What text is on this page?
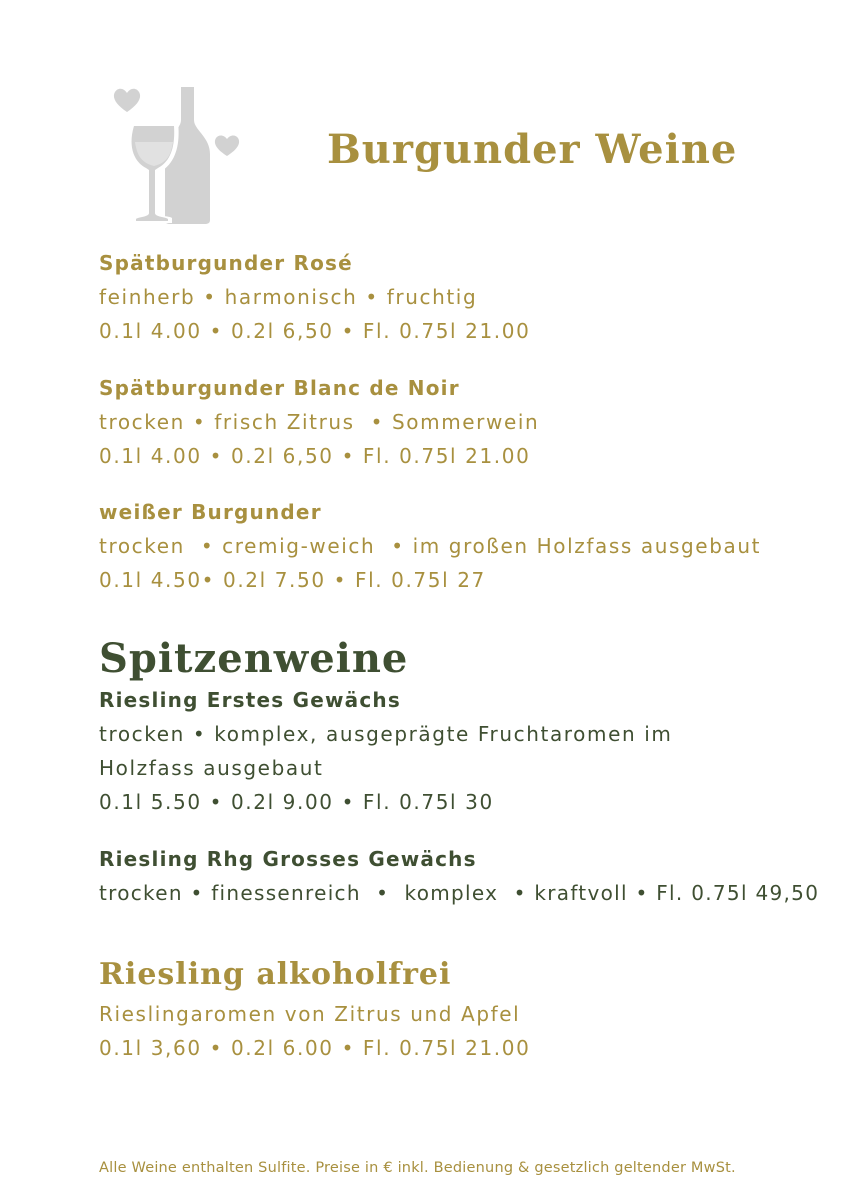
Burgunder Weine
Spätburgunder Rosé
feinherb • harmonisch • fruchtig
0.1l 4.00 • 0.2l 6,50 • Fl. 0.75l 21.00
Spätburgunder Blanc de Noir
trocken • frisch Zitrus  • Sommerwein
0.1l 4.00 • 0.2l 6,50 • Fl. 0.75l 21.00
weißer Burgunder
trocken  • cremig-weich  • im großen Holzfass ausgebaut
0.1l 4.50• 0.2l 7.50 • Fl. 0.75l 27
Spitzenweine
Riesling Erstes Gewächs
trocken • komplex, ausgeprägte Fruchtaromen im Holzfass ausgebaut
0.1l 5.50 • 0.2l 9.00 • Fl. 0.75l 30
Riesling Rhg Grosses Gewächs
trocken • finessenreich  •  komplex  • kraftvoll • Fl. 0.75l 49,50
Riesling alkoholfrei
Rieslingaromen von Zitrus und Apfel
0.1l 3,60 • 0.2l 6.00 • Fl. 0.75l 21.00
Alle Weine enthalten Sulfite. Preise in € inkl. Bedienung & gesetzlich geltender MwSt.
